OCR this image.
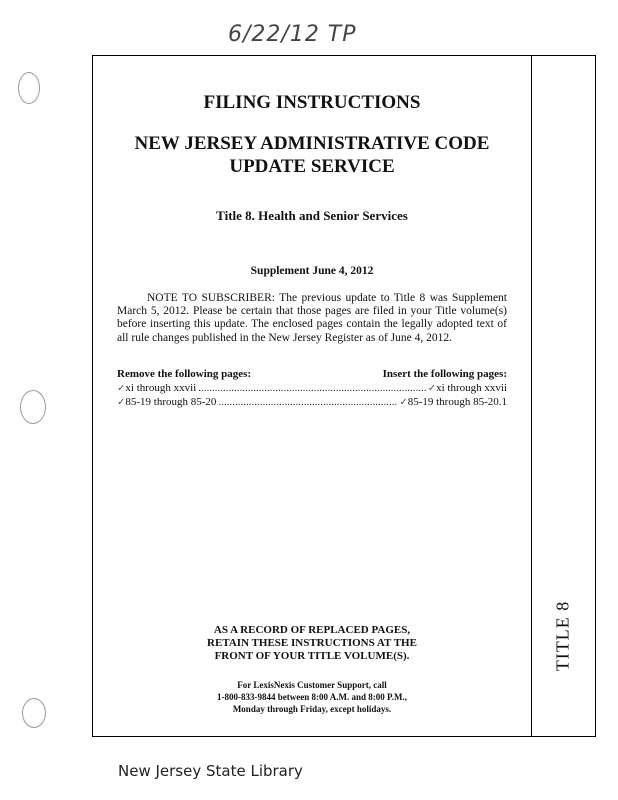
6/22/12 TP
FILING INSTRUCTIONS
NEW JERSEY ADMINISTRATIVE CODE
UPDATE SERVICE
Title 8. Health and Senior Services
Supplement June 4, 2012
NOTE TO SUBSCRIBER: The previous update to Title 8 was Supplement March 5, 2012. Please be certain that those pages are filed in your Title volume(s) before inserting this update. The enclosed pages contain the legally adopted text of all rule changes published in the New Jersey Register as of June 4, 2012.
Remove the following pages:	Insert the following pages:
✓ xi through xxvii .....	✓ xi through xxvii
✓ 85-19 through 85-20 .....	✓ 85-19 through 85-20.1
AS A RECORD OF REPLACED PAGES,
RETAIN THESE INSTRUCTIONS AT THE
FRONT OF YOUR TITLE VOLUME(S).
For LexisNexis Customer Support, call
1-800-833-9844 between 8:00 A.M. and 8:00 P.M.,
Monday through Friday, except holidays.
TITLE 8
New Jersey State Library
